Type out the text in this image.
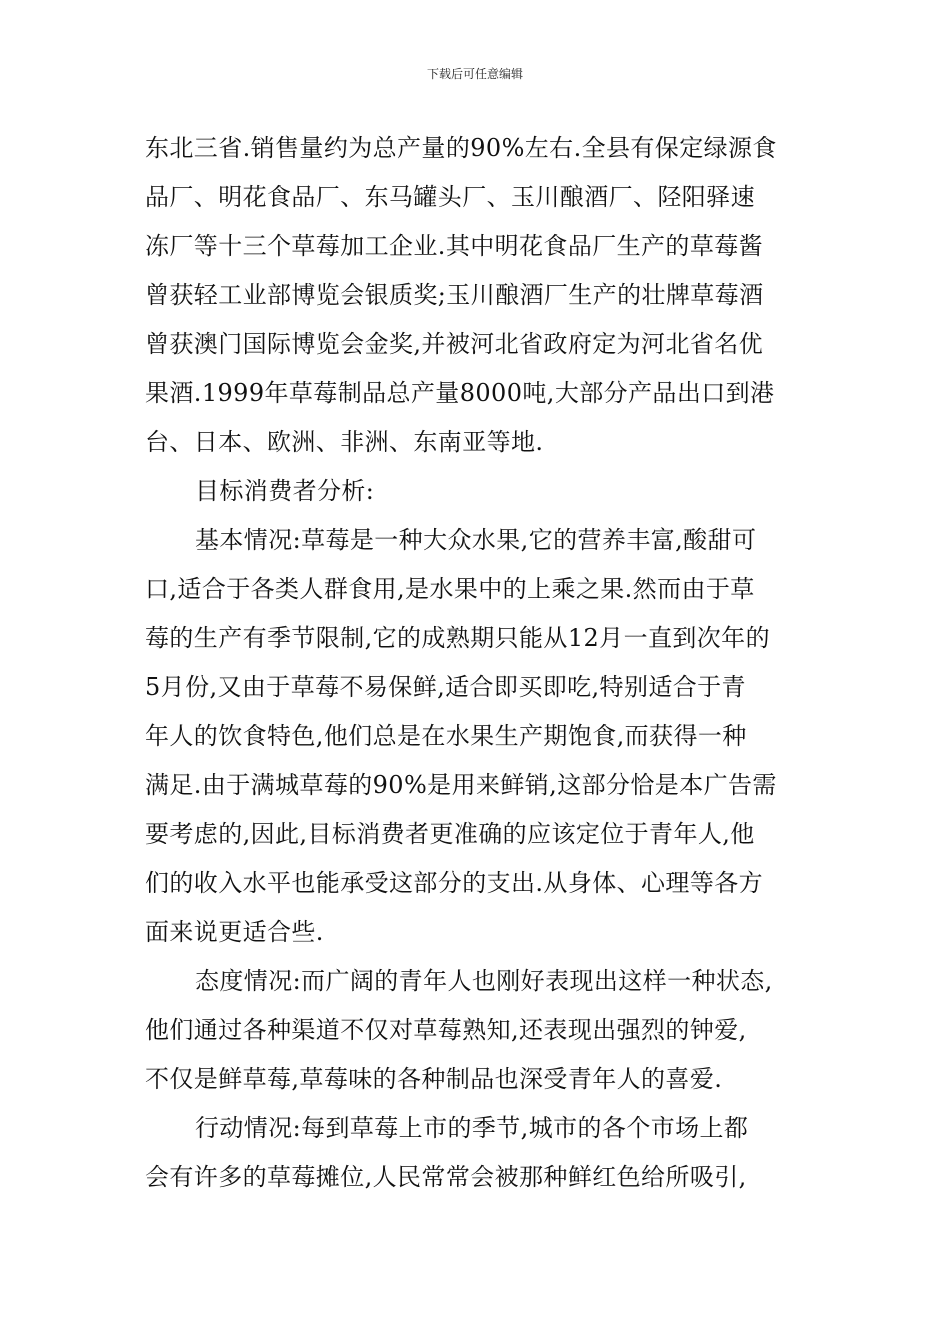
下载后可任意编辑
东北三省.销售量约为总产量的90%左右.全县有保定绿源食
品厂、明花食品厂、东马罐头厂、玉川酿酒厂、陉阳驿速
冻厂等十三个草莓加工企业.其中明花食品厂生产的草莓酱
曾获轻工业部博览会银质奖;玉川酿酒厂生产的壮牌草莓酒
曾获澳门国际博览会金奖,并被河北省政府定为河北省名优
果酒.1999年草莓制品总产量8000吨,大部分产品出口到港
台、日本、欧洲、非洲、东南亚等地.
目标消费者分析:
基本情况:草莓是一种大众水果,它的营养丰富,酸甜可
口,适合于各类人群食用,是水果中的上乘之果.然而由于草
莓的生产有季节限制,它的成熟期只能从12月一直到次年的
5月份,又由于草莓不易保鲜,适合即买即吃,特别适合于青
年人的饮食特色,他们总是在水果生产期饱食,而获得一种
满足.由于满城草莓的90%是用来鲜销,这部分恰是本广告需
要考虑的,因此,目标消费者更准确的应该定位于青年人,他
们的收入水平也能承受这部分的支出.从身体、心理等各方
面来说更适合些.
态度情况:而广阔的青年人也刚好表现出这样一种状态,
他们通过各种渠道不仅对草莓熟知,还表现出强烈的钟爱,
不仅是鲜草莓,草莓味的各种制品也深受青年人的喜爱.
行动情况:每到草莓上市的季节,城市的各个市场上都
会有许多的草莓摊位,人民常常会被那种鲜红色给所吸引,
